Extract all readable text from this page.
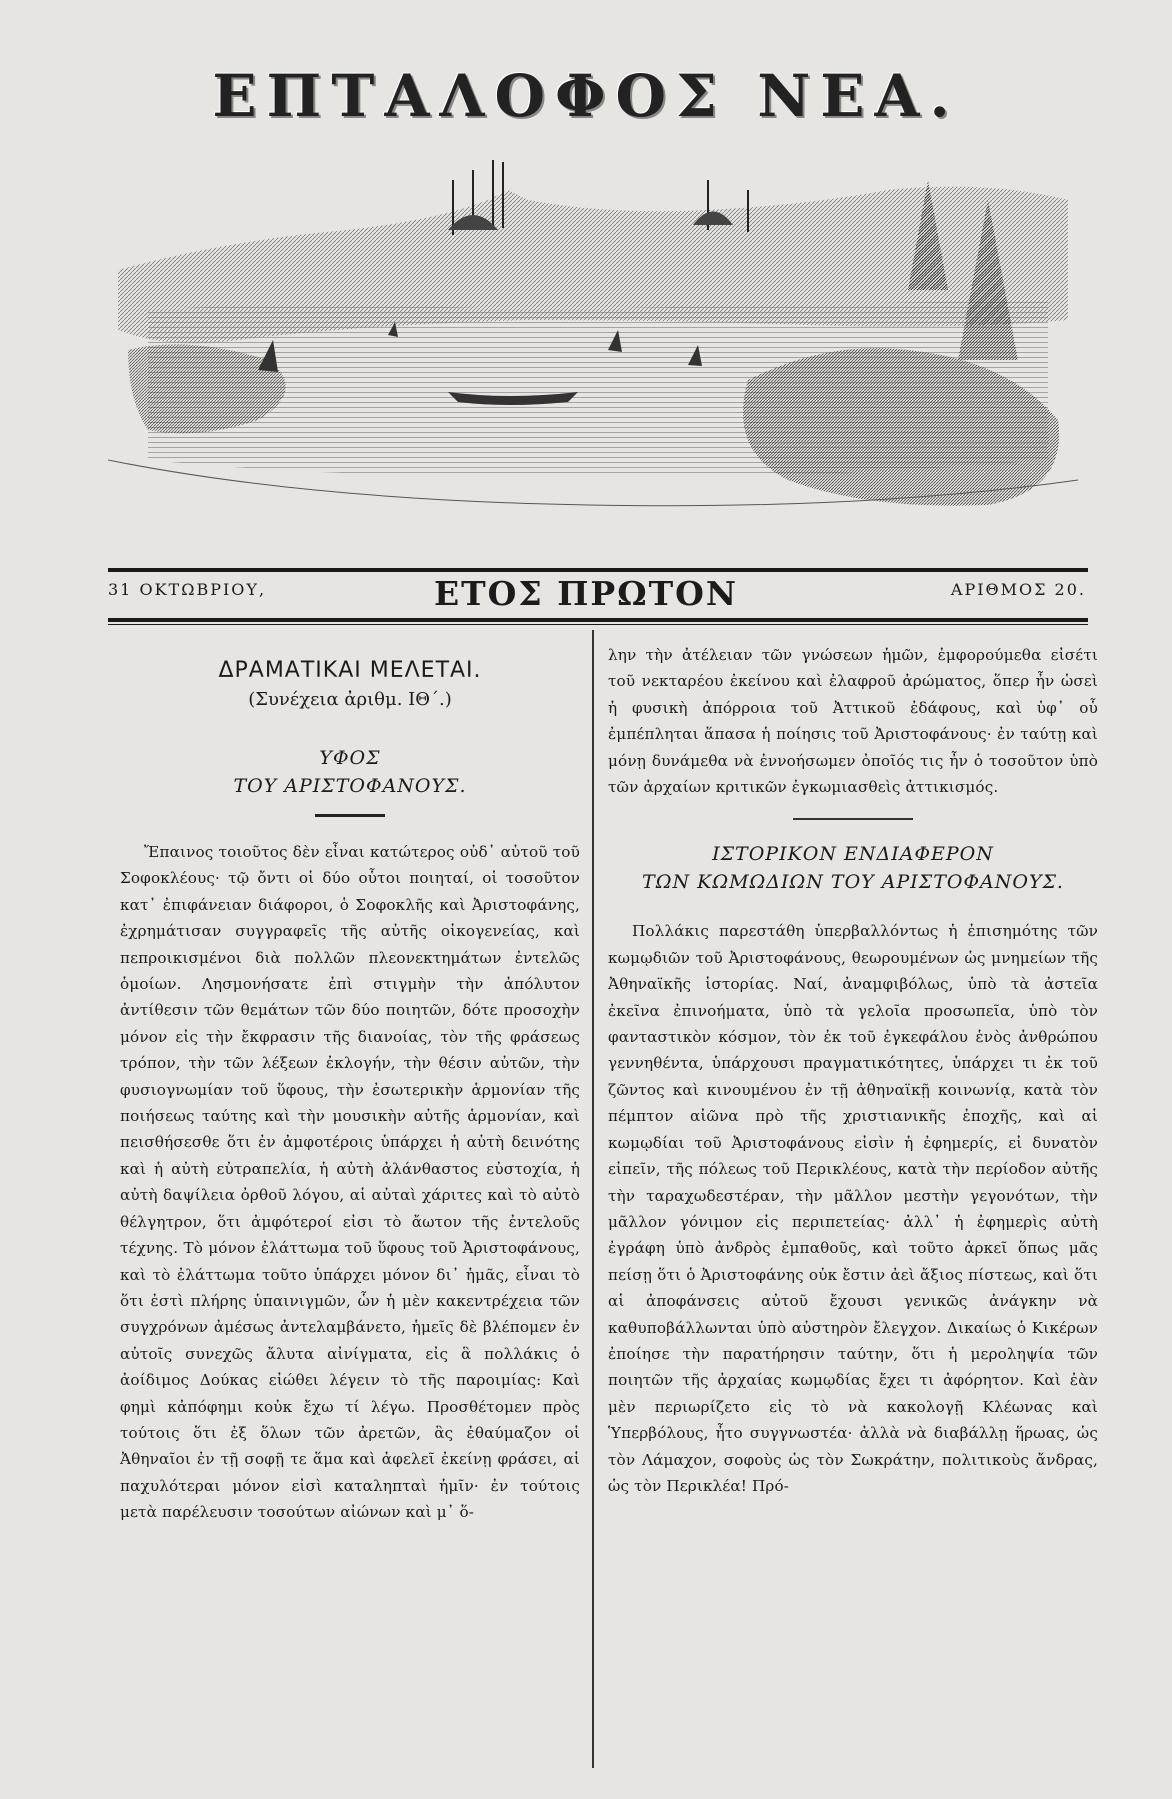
ΕΠΤΑΛΟΦΟΣ ΝΕΑ.
31 ΟΚΤΩΒΡΙΟΥ,	ΕΤΟΣ ΠΡΩΤΟΝ	ΑΡΙΘΜΟΣ 20.
ΔΡΑΜΑΤΙΚΑΙ ΜΕΛΕΤΑΙ.
(Συνέχεια ἀριθμ. ΙΘ΄.)
ΥΦΟΣ
ΤΟΥ ΑΡΙΣΤΟΦΑΝΟΥΣ.

Ἔπαινος τοιοῦτος δὲν εἶναι κατώτερος οὐδ᾿ αὐτοῦ τοῦ Σοφοκλέους· τῷ ὄντι οἱ δύο οὗτοι ποιηταί, οἱ τοσοῦτον κατ᾿ ἐπιφάνειαν διάφοροι, ὁ Σοφοκλῆς καὶ Ἀριστοφάνης, ἐχρημάτισαν συγγραφεῖς τῆς αὐτῆς οἰκογενείας, καὶ πεπροικισμένοι διὰ πολλῶν πλεονεκτημάτων ἐντελῶς ὁμοίων. Λησμονήσατε ἐπὶ στιγμὴν τὴν ἀπόλυτον ἀντίθεσιν τῶν θεμάτων τῶν δύο ποιητῶν, δότε προσοχὴν μόνον εἰς τὴν ἔκφρασιν τῆς διανοίας, τὸν τῆς φράσεως τρόπον, τὴν τῶν λέξεων ἐκλογήν, τὴν θέσιν αὐτῶν, τὴν φυσιογνωμίαν τοῦ ὕφους, τὴν ἐσωτερικὴν ἁρμονίαν τῆς ποιήσεως ταύτης καὶ τὴν μουσικὴν αὐτῆς ἁρμονίαν, καὶ πεισθήσεσθε ὅτι ἐν ἀμφοτέροις ὑπάρχει ἡ αὐτὴ δεινότης καὶ ἡ αὐτὴ εὐτραπελία, ἡ αὐτὴ ἀλάνθαστος εὐστοχία, ἡ αὐτὴ δαψίλεια ὀρθοῦ λόγου, αἱ αὐταὶ χάριτες καὶ τὸ αὐτὸ θέλγητρον, ὅτι ἀμφότεροί εἰσι τὸ ἄωτον τῆς ἐντελοῦς τέχνης. Τὸ μόνον ἐλάττωμα τοῦ ὕφους τοῦ Ἀριστοφάνους, καὶ τὸ ἐλάττωμα τοῦτο ὑπάρχει μόνον δι᾿ ἡμᾶς, εἶναι τὸ ὅτι ἐστὶ πλήρης ὑπαινιγμῶν, ὧν ἡ μὲν κακεντρέχεια τῶν συγχρόνων ἀμέσως ἀντελαμβάνετο, ἡμεῖς δὲ βλέπομεν ἐν αὐτοῖς συνεχῶς ἄλυτα αἰνίγματα, εἰς ἃ πολλάκις ὁ ἀοίδιμος Δούκας εἰώθει λέγειν τὸ τῆς παροιμίας: Καὶ φημὶ κἀπόφημι κοὐκ ἔχω τί λέγω. Προσθέτομεν πρὸς τούτοις ὅτι ἐξ ὅλων τῶν ἀρετῶν, ἃς ἐθαύμαζον οἱ Ἀθηναῖοι ἐν τῇ σοφῇ τε ἅμα καὶ ἀφελεῖ ἐκείνῃ φράσει, αἱ παχυλότεραι μόνον εἰσὶ καταληπταὶ ἡμῖν· ἐν τούτοις μετὰ παρέλευσιν τοσούτων αἰώνων καὶ μ᾿ ὅ-

λην τὴν ἀτέλειαν τῶν γνώσεων ἡμῶν, ἐμφορούμεθα εἰσέτι τοῦ νεκταρέου ἐκείνου καὶ ἐλαφροῦ ἀρώματος, ὅπερ ἦν ὡσεὶ ἡ φυσικὴ ἀπόρροια τοῦ Ἀττικοῦ ἐδάφους, καὶ ὑφ᾿ οὗ ἐμπέπληται ἅπασα ἡ ποίησις τοῦ Ἀριστοφάνους· ἐν ταύτῃ καὶ μόνῃ δυνάμεθα νὰ ἐννοήσωμεν ὁποῖός τις ἦν ὁ τοσοῦτον ὑπὸ τῶν ἀρχαίων κριτικῶν ἐγκωμιασθεὶς ἀττικισμός.

ΙΣΤΟΡΙΚΟΝ ΕΝΔΙΑΦΕΡΟΝ
ΤΩΝ ΚΩΜΩΔΙΩΝ ΤΟΥ ΑΡΙΣΤΟΦΑΝΟΥΣ.

Πολλάκις παρεστάθη ὑπερβαλλόντως ἡ ἐπισημότης τῶν κωμῳδιῶν τοῦ Ἀριστοφάνους, θεωρουμένων ὡς μνημείων τῆς Ἀθηναϊκῆς ἱστορίας. Ναί, ἀναμφιβόλως, ὑπὸ τὰ ἀστεῖα ἐκεῖνα ἐπινοήματα, ὑπὸ τὰ γελοῖα προσωπεῖα, ὑπὸ τὸν φανταστικὸν κόσμον, τὸν ἐκ τοῦ ἐγκεφάλου ἑνὸς ἀνθρώπου γεννηθέντα, ὑπάρχουσι πραγματικότητες, ὑπάρχει τι ἐκ τοῦ ζῶντος καὶ κινουμένου ἐν τῇ ἀθηναϊκῇ κοινωνίᾳ, κατὰ τὸν πέμπτον αἰῶνα πρὸ τῆς χριστιανικῆς ἐποχῆς, καὶ αἱ κωμῳδίαι τοῦ Ἀριστοφάνους εἰσὶν ἡ ἐφημερίς, εἰ δυνατὸν εἰπεῖν, τῆς πόλεως τοῦ Περικλέους, κατὰ τὴν περίοδον αὐτῆς τὴν ταραχωδεστέραν, τὴν μᾶλλον μεστὴν γεγονότων, τὴν μᾶλλον γόνιμον εἰς περιπετείας· ἀλλ᾿ ἡ ἐφημερὶς αὐτὴ ἐγράφη ὑπὸ ἀνδρὸς ἐμπαθοῦς, καὶ τοῦτο ἀρκεῖ ὅπως μᾶς πείσῃ ὅτι ὁ Ἀριστοφάνης οὐκ ἔστιν ἀεὶ ἄξιος πίστεως, καὶ ὅτι αἱ ἀποφάνσεις αὐτοῦ ἔχουσι γενικῶς ἀνάγκην νὰ καθυποβάλλωνται ὑπὸ αὐστηρὸν ἔλεγχον. Δικαίως ὁ Κικέρων ἐποίησε τὴν παρατήρησιν ταύτην, ὅτι ἡ μεροληψία τῶν ποιητῶν τῆς ἀρχαίας κωμῳδίας ἔχει τι ἀφόρητον. Καὶ ἐὰν μὲν περιωρίζετο εἰς τὸ νὰ κακολογῇ Κλέωνας καὶ Ὑπερβόλους, ἦτο συγγνωστέα· ἀλλὰ νὰ διαβάλλῃ ἥρωας, ὡς τὸν Λάμαχον, σοφοὺς ὡς τὸν Σωκράτην, πολιτικοὺς ἄνδρας, ὡς τὸν Περικλέα! Πρό-
